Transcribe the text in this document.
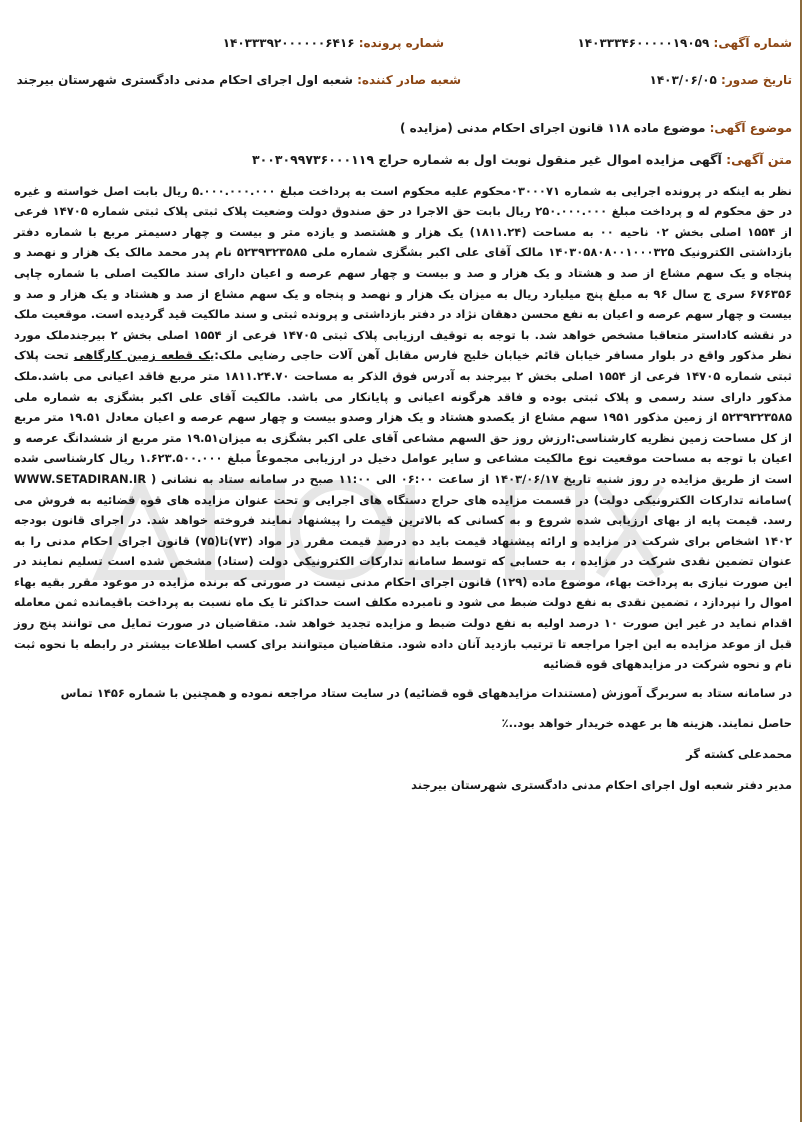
شماره آگهی: ۱۴۰۳۳۳۴۶۰۰۰۰۰۱۹۰۵۹
شماره پرونده: ۱۴۰۳۳۳۹۲۰۰۰۰۰۰۶۴۱۶
تاریخ صدور: ۱۴۰۳/۰۶/۰۵
شعبه صادر کننده: شعبه اول اجرای احکام مدنی دادگستری شهرستان بیرجند
موضوع آگهی: موضوع ماده ۱۱۸ قانون اجرای احکام مدنی (مزایده )
متن آگهی: آگهی مزایده اموال غیر منقول نوبت اول به شماره حراج ۳۰۰۳۰۹۹۷۳۶۰۰۰۱۱۹

نظر به اینکه در پرونده اجرایی به شماره ۰۳۰۰۰۷۱محکوم علیه محکوم است به پرداخت مبلغ ۵.۰۰۰.۰۰۰.۰۰۰ ریال بابت اصل خواسته و غیره در حق محکوم له و پرداخت مبلغ ۲۵۰.۰۰۰.۰۰۰ ریال بابت حق الاجرا در حق صندوق دولت وضعیت پلاک ثبتی پلاک ثبتی شماره ۱۴۷۰۵ فرعی از ۱۵۵۴ اصلی بخش ۰۲ ناحیه ۰۰ به مساحت (۱۸۱۱.۲۴) یک هزار و هشتصد و یازده متر و بیست و چهار دسیمتر مربع با شماره دفتر بازداشتی الکترونیک ۱۴۰۳۰۵۸۰۸۰۰۱۰۰۰۳۲۵ مالک آقای علی اکبر بشگزی شماره ملی ۵۲۳۹۳۲۳۵۸۵ نام پدر محمد مالک یک هزار و نهصد و پنجاه و یک سهم مشاع از صد و هشتاد و یک هزار و صد و بیست و چهار سهم عرصه و اعیان دارای سند مالکیت اصلی با شماره چاپی ۶۷۶۳۵۶ سری ج سال ۹۶ به مبلغ پنج میلیارد ریال به میزان یک هزار و نهصد و پنجاه و یک سهم مشاع از صد و هشتاد و یک هزار و صد و بیست و چهار سهم عرصه و اعیان به نفع محسن دهقان نژاد در دفتر بازداشتی و پرونده ثبتی و سند مالکیت قید گردیده است. موقعیت ملک در نقشه کاداستر متعاقبا مشخص خواهد شد. با توجه به توقیف ارزیابی پلاک ثبتی ۱۴۷۰۵ فرعی از ۱۵۵۴ اصلی بخش ۲ بیرجندملک مورد نظر مذکور واقع در بلوار مسافر خیابان قائم خیابان خلیج فارس مقابل آهن آلات حاجی رضایی ملک:یک قطعه زمین کارگاهی تحت پلاک ثبتی شماره ۱۴۷۰۵ فرعی از ۱۵۵۴ اصلی بخش ۲ بیرجند به آدرس فوق الذکر به مساحت ۱۸۱۱.۲۴.۷۰ متر مربع فاقد اعیانی می باشد.ملک مذکور دارای سند رسمی و پلاک ثبتی بوده و فاقد هرگونه اعیانی و پایانکار می باشد. مالکیت آقای علی اکبر بشگزی به شماره ملی ۵۲۳۹۳۲۳۵۸۵ از زمین مذکور ۱۹۵۱ سهم مشاع از یکصدو هشتاد و یک هزار وصدو بیست و چهار سهم عرصه و اعیان معادل ۱۹.۵۱ متر مربع از کل مساحت زمین نظریه کارشناسی:ارزش روز حق السهم مشاعی آقای علی اکبر بشگزی به میزان۱۹.۵۱ متر مربع از ششدانگ عرصه و اعیان با توجه به مساحت موقعیت نوع مالکیت مشاعی و سایر عوامل دخیل در ارزیابی مجموعاً مبلغ ۱.۶۲۳.۵۰۰.۰۰۰ ریال کارشناسی شده است از طریق مزایده در روز شنبه تاریخ ۱۴۰۳/۰۶/۱۷ از ساعت ۰۶:۰۰ الی ۱۱:۰۰ صبح در سامانه ستاد به نشانی ( WWW.SETADIRAN.IR )سامانه تدارکات الکترونیکی دولت) در قسمت مزایده های حراج دستگاه های اجرایی و تحت عنوان مزایده های قوه قضائیه به فروش می رسد. قیمت پایه از بهای ارزیابی شده شروع و به کسانی که بالاترین قیمت را پیشنهاد نمایند فروخته خواهد شد. در اجرای قانون بودجه ۱۴۰۲ اشخاص برای شرکت در مزایده و ارائه پیشنهاد قیمت باید ده درصد قیمت مقرر در مواد (۷۳)تا(۷۵) قانون اجرای احکام مدنی را به عنوان تضمین نقدی شرکت در مزایده ، به حسابی که توسط سامانه تدارکات الکترونیکی دولت (ستاد) مشخص شده است تسلیم نمایند در این صورت نیازی به پرداخت بهاء، موضوع ماده (۱۲۹) قانون اجرای احکام مدنی نیست در صورتی که برنده مزایده در موعود مقرر بقیه بهاء اموال را نپردازد ، تضمین نقدی به نفع دولت ضبط می شود و نامبرده مکلف است حداکثر تا یک ماه نسبت به پرداخت باقیمانده ثمن معامله اقدام نماید در غیر این صورت ۱۰ درصد اولیه به نفع دولت ضبط و مزایده تجدید خواهد شد. متقاضیان در صورت تمایل می توانند پنج روز قبل از موعد مزایده به این اجرا مراجعه تا ترتیب بازدید آنان داده شود. متقاضیان میتوانند برای کسب اطلاعات بیشتر در رابطه با نحوه ثبت نام و نحوه شرکت در مزایدههای قوه قضائیه

در سامانه ستاد به سربرگ آموزش (مستندات مزایدههای قوه قضائیه) در سایت ستاد مراجعه نموده و همچنین با شماره ۱۴۵۶ تماس

حاصل نمایند. هزینه ها بر عهده خریدار خواهد بود..٪

محمدعلی کشته گر

مدیر دفتر شعبه اول اجرای احکام مدنی دادگستری شهرستان بیرجند
